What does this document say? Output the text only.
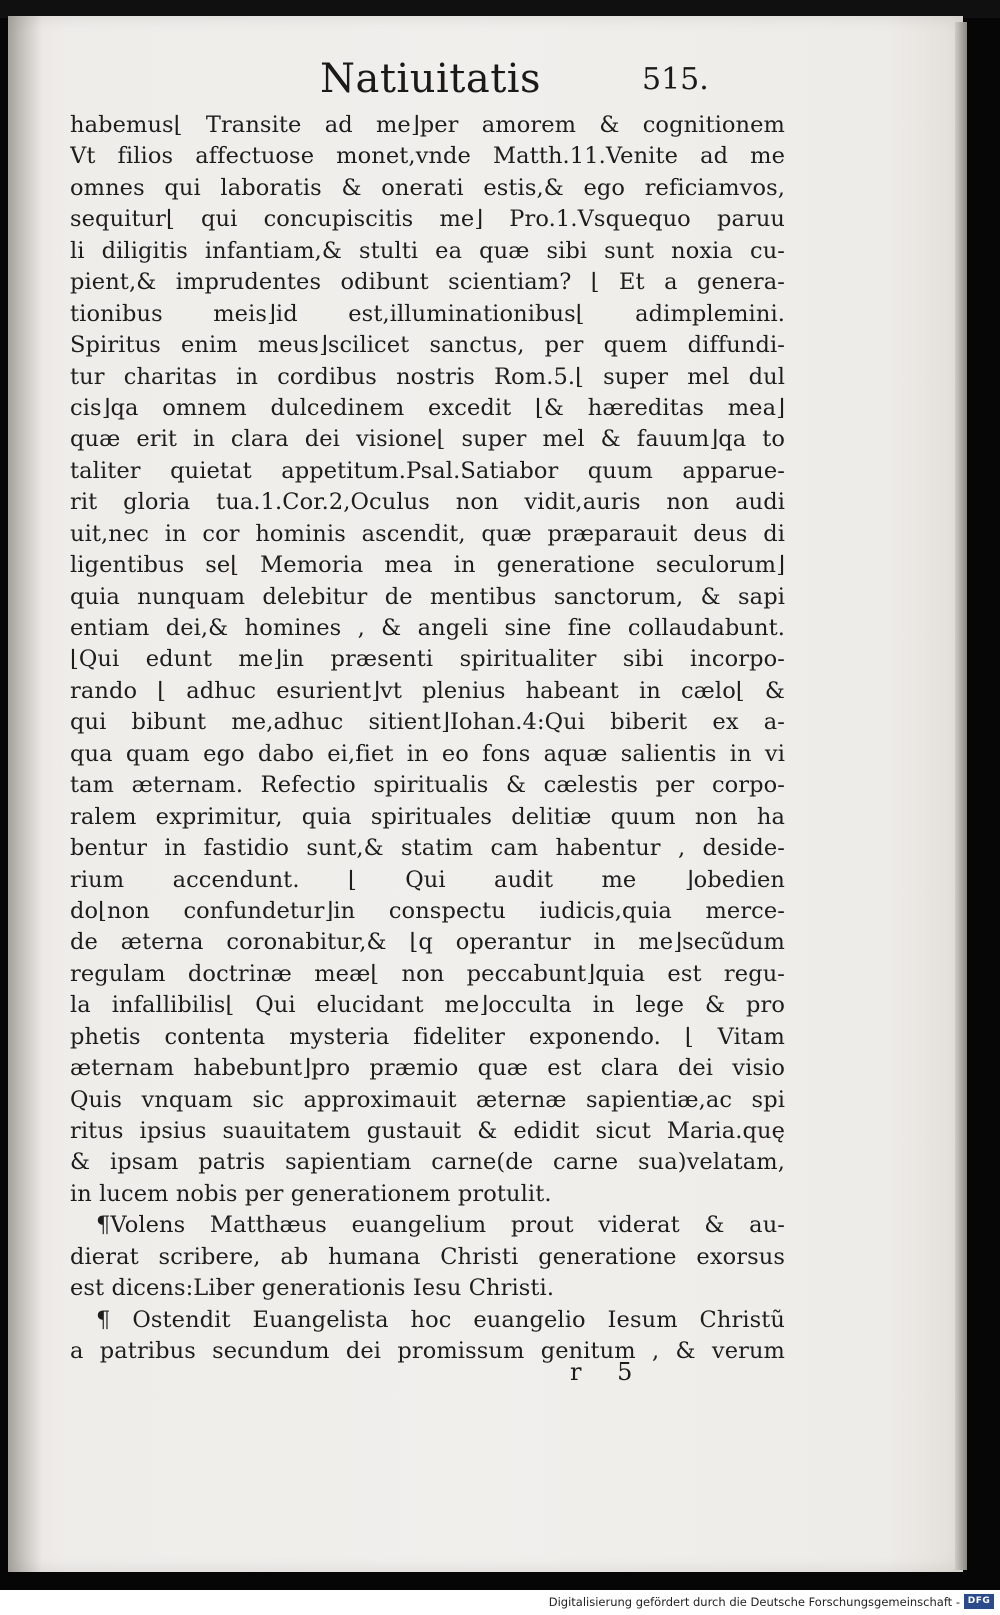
Natiuitatis	515.
habemus⌊ Transite ad me⌋per amorem & cognitionem
Vt filios affectuose monet,vnde Matth.11.Venite ad me
omnes qui laboratis & onerati estis,& ego reficiamvos,
sequitur⌊ qui concupiscitis me⌋ Pro.1.Vsquequo paruu
li diligitis infantiam,& stulti ea quæ sibi sunt noxia cu-
pient,& imprudentes odibunt scientiam? ⌊ Et a genera-
tionibus meis⌋id est,illuminationibus⌊ adimplemini.
Spiritus enim meus⌋scilicet sanctus, per quem diffundi-
tur charitas in cordibus nostris Rom.5.⌊ super mel dul
cis⌋qa omnem dulcedinem excedit ⌊& hæreditas mea⌋
quæ erit in clara dei visione⌊ super mel & fauum⌋qa to
taliter quietat appetitum.Psal.Satiabor quum apparue-
rit gloria tua.1.Cor.2,Oculus non vidit,auris non audi
uit,nec in cor hominis ascendit, quæ præparauit deus di
ligentibus se⌊ Memoria mea in generatione seculorum⌋
quia nunquam delebitur de mentibus sanctorum, & sapi
entiam dei,& homines , & angeli sine fine collaudabunt.
⌊Qui edunt me⌋in præsenti spiritualiter sibi incorpo-
rando ⌊ adhuc esurient⌋vt plenius habeant in cælo⌊ &
qui bibunt me,adhuc sitient⌋Iohan.4:Qui biberit ex a-
qua quam ego dabo ei,fiet in eo fons aquæ salientis in vi
tam æternam. Refectio spiritualis & cælestis per corpo-
ralem exprimitur, quia spirituales delitiæ quum non ha
bentur in fastidio sunt,& statim cam habentur , deside-
rium accendunt. ⌊ Qui audit me ⌋obedien
do⌊non confundetur⌋in conspectu iudicis,quia merce-
de æterna coronabitur,& ⌊q operantur in me⌋secũdum
regulam doctrinæ meæ⌊ non peccabunt⌋quia est regu-
la infallibilis⌊ Qui elucidant me⌋occulta in lege & pro
phetis contenta mysteria fideliter exponendo. ⌊ Vitam
æternam habebunt⌋pro præmio quæ est clara dei visio
Quis vnquam sic approximauit æternæ sapientiæ,ac spi
ritus ipsius suauitatem gustauit & edidit sicut Maria.quę
& ipsam patris sapientiam carne(de carne sua)velatam,
in lucem nobis per generationem protulit.
¶Volens Matthæus euangelium prout viderat & au-
dierat scribere, ab humana Christi generatione exorsus
est dicens:Liber generationis Iesu Christi.
¶ Ostendit Euangelista hoc euangelio Iesum Christũ
a patribus secundum dei promissum genitum , & verum
r 5
Digitalisierung gefördert durch die Deutsche Forschungsgemeinschaft - DFG
